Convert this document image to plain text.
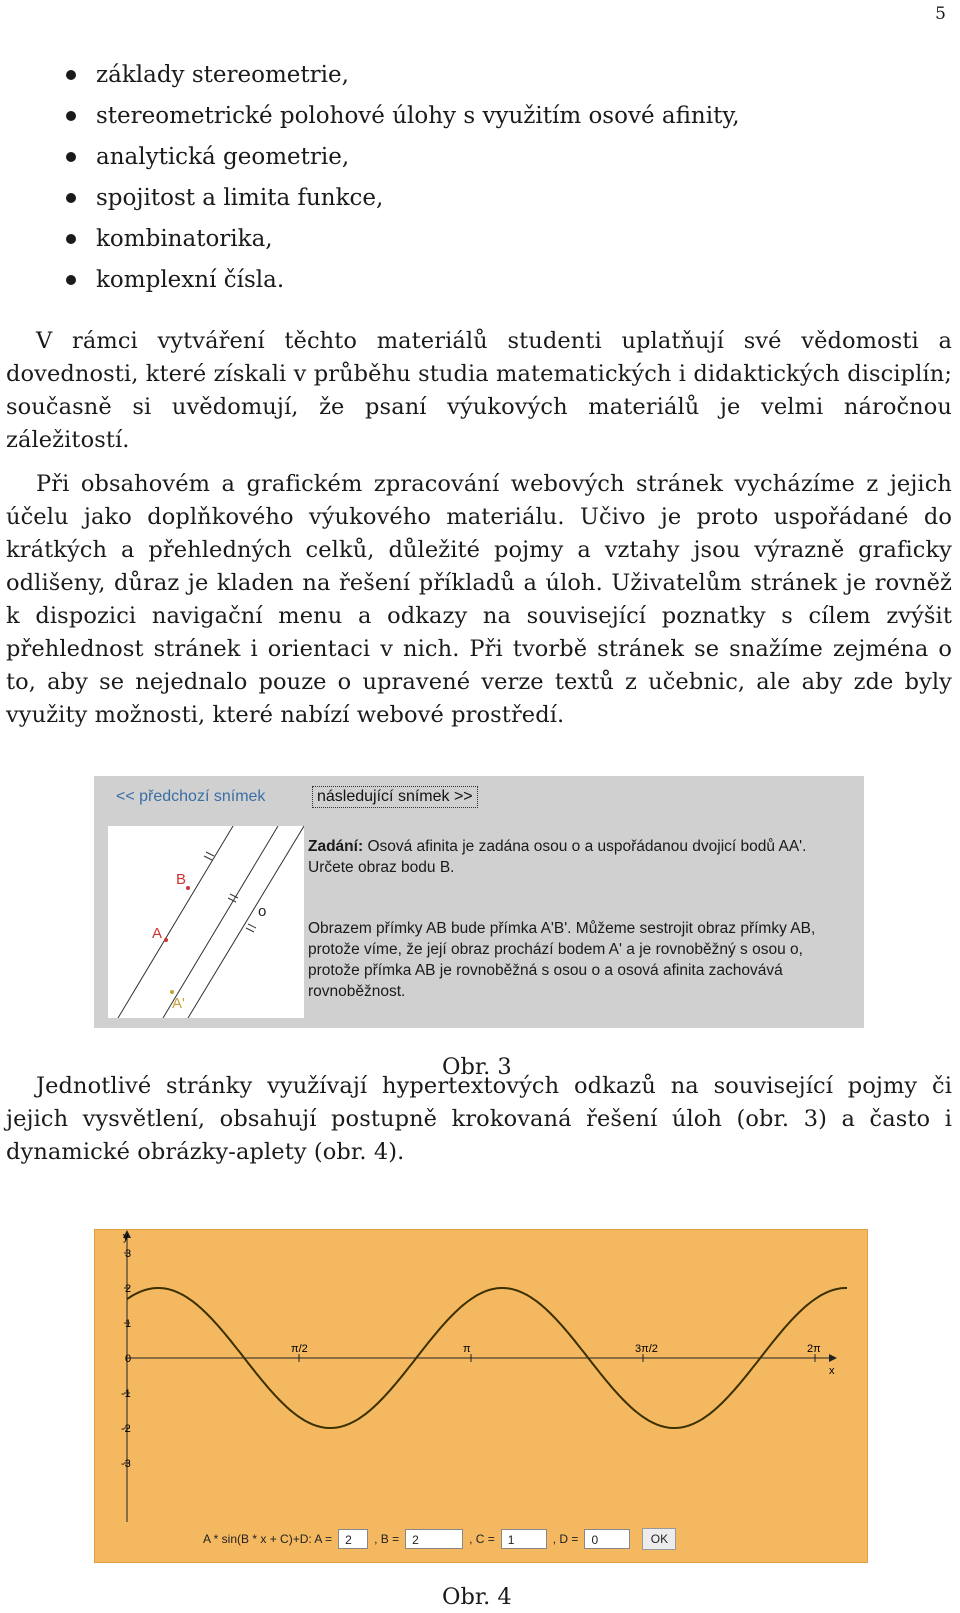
5
základy stereometrie,
stereometrické polohové úlohy s využitím osové afinity,
analytická geometrie,
spojitost a limita funkce,
kombinatorika,
komplexní čísla.

V rámci vytváření těchto materiálů studenti uplatňují své vědomosti a dovednosti, které získali v průběhu studia matematických i didaktických disciplín; současně si uvědomují, že psaní výukových materiálů je velmi náročnou záležitostí.

Při obsahovém a grafickém zpracování webových stránek vycházíme z jejich účelu jako doplňkového výukového materiálu. Učivo je proto uspořádané do krátkých a přehledných celků, důležité pojmy a vztahy jsou výrazně graficky odlišeny, důraz je kladen na řešení příkladů a úloh. Uživatelům stránek je rovněž k dispozici navigační menu a odkazy na související poznatky s cílem zvýšit přehlednost stránek i orientaci v nich. Při tvorbě stránek se snažíme zejména o to, aby se nejednalo pouze o upravené verze textů z učebnic, ale aby zde byly využity možnosti, které nabízí webové prostředí.

<< předchozí snímek	následující snímek >>
B
A
A'
o
Zadání: Osová afinita je zadána osou o a uspořádanou dvojicí bodů AA'. Určete obraz bodu B.
Obrazem přímky AB bude přímka A'B'. Můžeme sestrojit obraz přímky AB, protože víme, že její obraz prochází bodem A' a je rovnoběžný s osou o, protože přímka AB je rovnoběžná s osou o a osová afinita zachovává rovnoběžnost.
Obr. 3

Jednotlivé stránky využívají hypertextových odkazů na související pojmy či jejich vysvětlení, obsahují postupně krokovaná řešení úloh (obr. 3) a často i dynamické obrázky-aplety (obr. 4).

y
x
3
2
1
0
-1
-2
-3
π/2	π	3π/2	2π
A * sin(B * x + C)+D: A =	2	, B =	2	, C =	1	, D =	0	OK
Obr. 4
